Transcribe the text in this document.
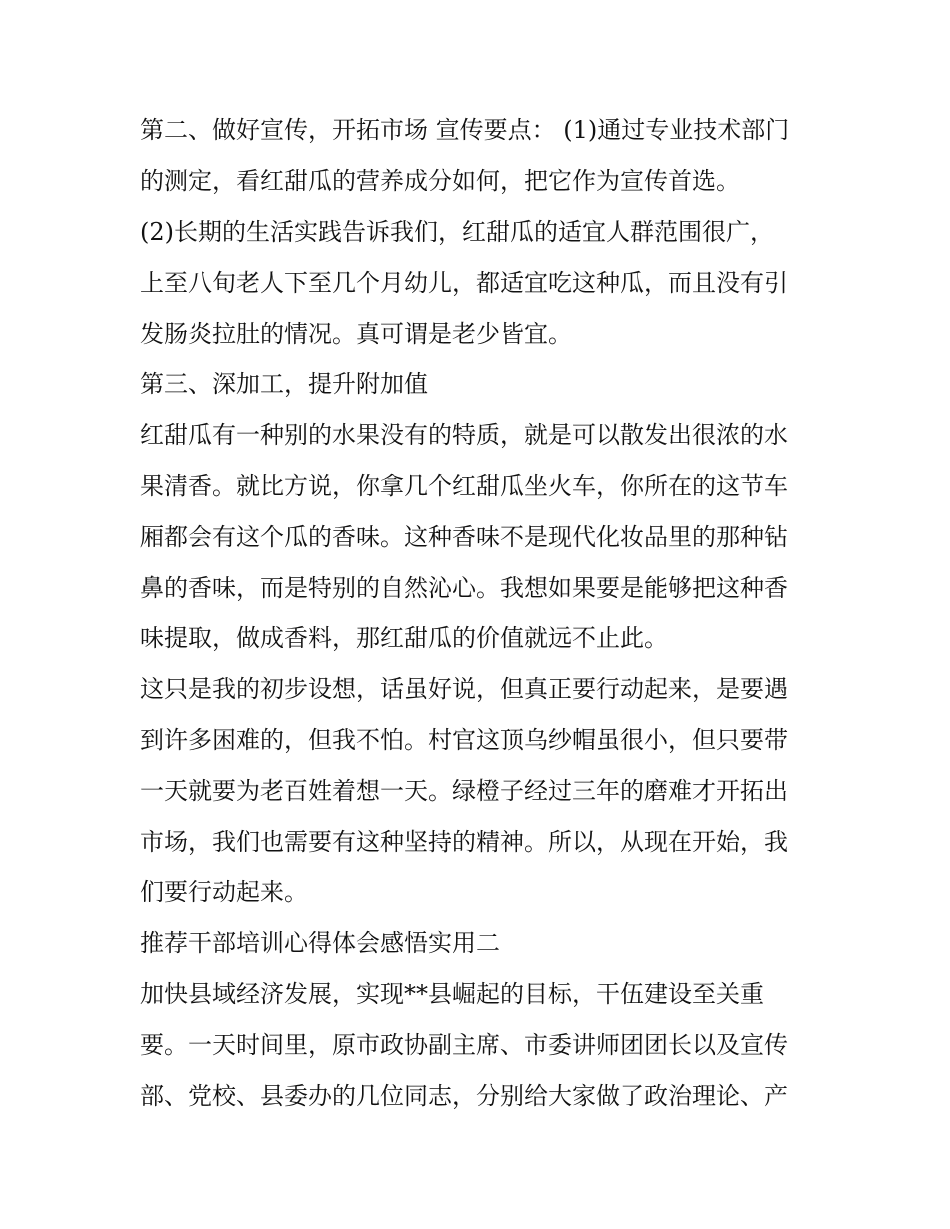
第二、做好宣传，开拓市场 宣传要点： (1)通过专业技术部门
的测定，看红甜瓜的营养成分如何，把它作为宣传首选。
(2)长期的生活实践告诉我们，红甜瓜的适宜人群范围很广，
上至八旬老人下至几个月幼儿，都适宜吃这种瓜，而且没有引
发肠炎拉肚的情况。真可谓是老少皆宜。
第三、深加工，提升附加值
红甜瓜有一种别的水果没有的特质，就是可以散发出很浓的水
果清香。就比方说，你拿几个红甜瓜坐火车，你所在的这节车
厢都会有这个瓜的香味。这种香味不是现代化妆品里的那种钻
鼻的香味，而是特别的自然沁心。我想如果要是能够把这种香
味提取，做成香料，那红甜瓜的价值就远不止此。
这只是我的初步设想，话虽好说，但真正要行动起来，是要遇
到许多困难的，但我不怕。村官这顶乌纱帽虽很小，但只要带
一天就要为老百姓着想一天。绿橙子经过三年的磨难才开拓出
市场，我们也需要有这种坚持的精神。所以，从现在开始，我
们要行动起来。
推荐干部培训心得体会感悟实用二
加快县域经济发展，实现**县崛起的目标，干伍建设至关重
要。一天时间里，原市政协副主席、市委讲师团团长以及宣传
部、党校、县委办的几位同志，分别给大家做了政治理论、产
